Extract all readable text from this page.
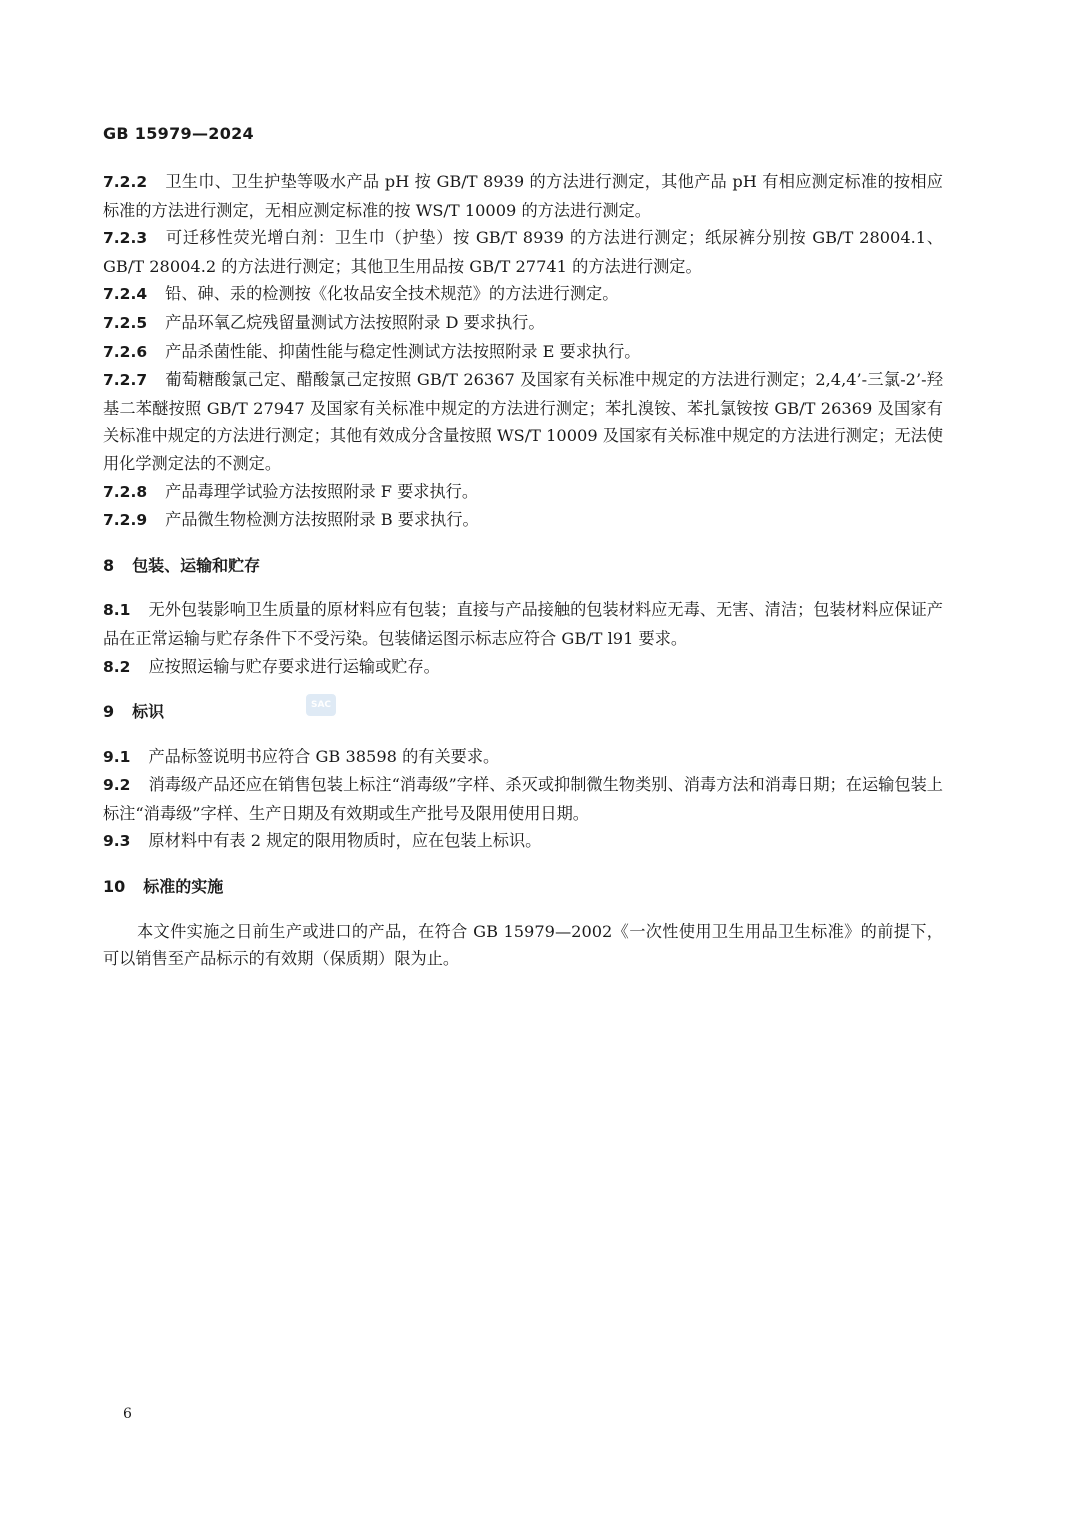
GB 15979—2024

7.2.2 卫生巾、卫生护垫等吸水产品 pH 按 GB/T 8939 的方法进行测定，其他产品 pH 有相应测定标准的按相应标准的方法进行测定，无相应测定标准的按 WS/T 10009 的方法进行测定。

7.2.3 可迁移性荧光增白剂：卫生巾（护垫）按 GB/T 8939 的方法进行测定；纸尿裤分别按 GB/T 28004.1、GB/T 28004.2 的方法进行测定；其他卫生用品按 GB/T 27741 的方法进行测定。

7.2.4 铅、砷、汞的检测按《化妆品安全技术规范》的方法进行测定。

7.2.5 产品环氧乙烷残留量测试方法按照附录 D 要求执行。

7.2.6 产品杀菌性能、抑菌性能与稳定性测试方法按照附录 E 要求执行。

7.2.7 葡萄糖酸氯己定、醋酸氯己定按照 GB/T 26367 及国家有关标准中规定的方法进行测定；2,4,4’-三氯-2’-羟基二苯醚按照 GB/T 27947 及国家有关标准中规定的方法进行测定；苯扎溴铵、苯扎氯铵按 GB/T 26369 及国家有关标准中规定的方法进行测定；其他有效成分含量按照 WS/T 10009 及国家有关标准中规定的方法进行测定；无法使用化学测定法的不测定。

7.2.8 产品毒理学试验方法按照附录 F 要求执行。

7.2.9 产品微生物检测方法按照附录 B 要求执行。

8 包装、运输和贮存

8.1 无外包装影响卫生质量的原材料应有包装；直接与产品接触的包装材料应无毒、无害、清洁；包装材料应保证产品在正常运输与贮存条件下不受污染。包装储运图示标志应符合 GB/T l91 要求。

8.2 应按照运输与贮存要求进行运输或贮存。

9 标识

9.1 产品标签说明书应符合 GB 38598 的有关要求。

9.2 消毒级产品还应在销售包装上标注“消毒级”字样、杀灭或抑制微生物类别、消毒方法和消毒日期；在运输包装上标注“消毒级”字样、生产日期及有效期或生产批号及限用使用日期。

9.3 原材料中有表 2 规定的限用物质时，应在包装上标识。

10 标准的实施

本文件实施之日前生产或进口的产品，在符合 GB 15979—2002《一次性使用卫生用品卫生标准》的前提下，可以销售至产品标示的有效期（保质期）限为止。

SAC
6
